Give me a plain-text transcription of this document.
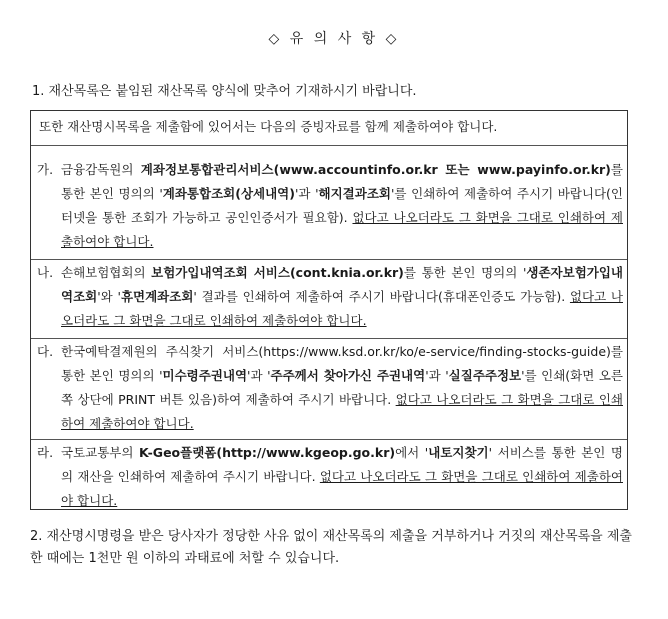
◇ 유 의 사 항 ◇
1. 재산목록은 붙임된 재산목록 양식에 맞추어 기재하시기 바랍니다.
또한 재산명시목록을 제출함에 있어서는 다음의 증빙자료를 함께 제출하여야 합니다.
가. 금융감독원의 계좌정보통합관리서비스(www.accountinfo.or.kr 또는 www.payinfo.or.kr)를 통한 본인 명의의 '계좌통합조회(상세내역)'과 '해지결과조회'를 인쇄하여 제출하여 주시기 바랍니다(인터넷을 통한 조회가 가능하고 공인인증서가 필요함). 없다고 나오더라도 그 화면을 그대로 인쇄하여 제출하여야 합니다.
나. 손해보험협회의 보험가입내역조회 서비스(cont.knia.or.kr)를 통한 본인 명의의 '생존자보험가입내역조회'와 '휴면계좌조회' 결과를 인쇄하여 제출하여 주시기 바랍니다(휴대폰인증도 가능함). 없다고 나오더라도 그 화면을 그대로 인쇄하여 제출하여야 합니다.
다. 한국예탁결제원의 주식찾기 서비스(https://www.ksd.or.kr/ko/e-service/finding-stocks-guide)를 통한 본인 명의의 '미수령주권내역'과 '주주께서 찾아가신 주권내역'과 '실질주주정보'를 인쇄(화면 오른쪽 상단에 PRINT 버튼 있음)하여 제출하여 주시기 바랍니다. 없다고 나오더라도 그 화면을 그대로 인쇄하여 제출하여야 합니다.
라. 국토교통부의 K-Geo플랫폼(http://www.kgeop.go.kr)에서 '내토지찾기' 서비스를 통한 본인 명의 재산을 인쇄하여 제출하여 주시기 바랍니다. 없다고 나오더라도 그 화면을 그대로 인쇄하여 제출하여야 합니다.
2. 재산명시명령을 받은 당사자가 정당한 사유 없이 재산목록의 제출을 거부하거나 거짓의 재산목록을 제출한 때에는 1천만 원 이하의 과태료에 처할 수 있습니다.
